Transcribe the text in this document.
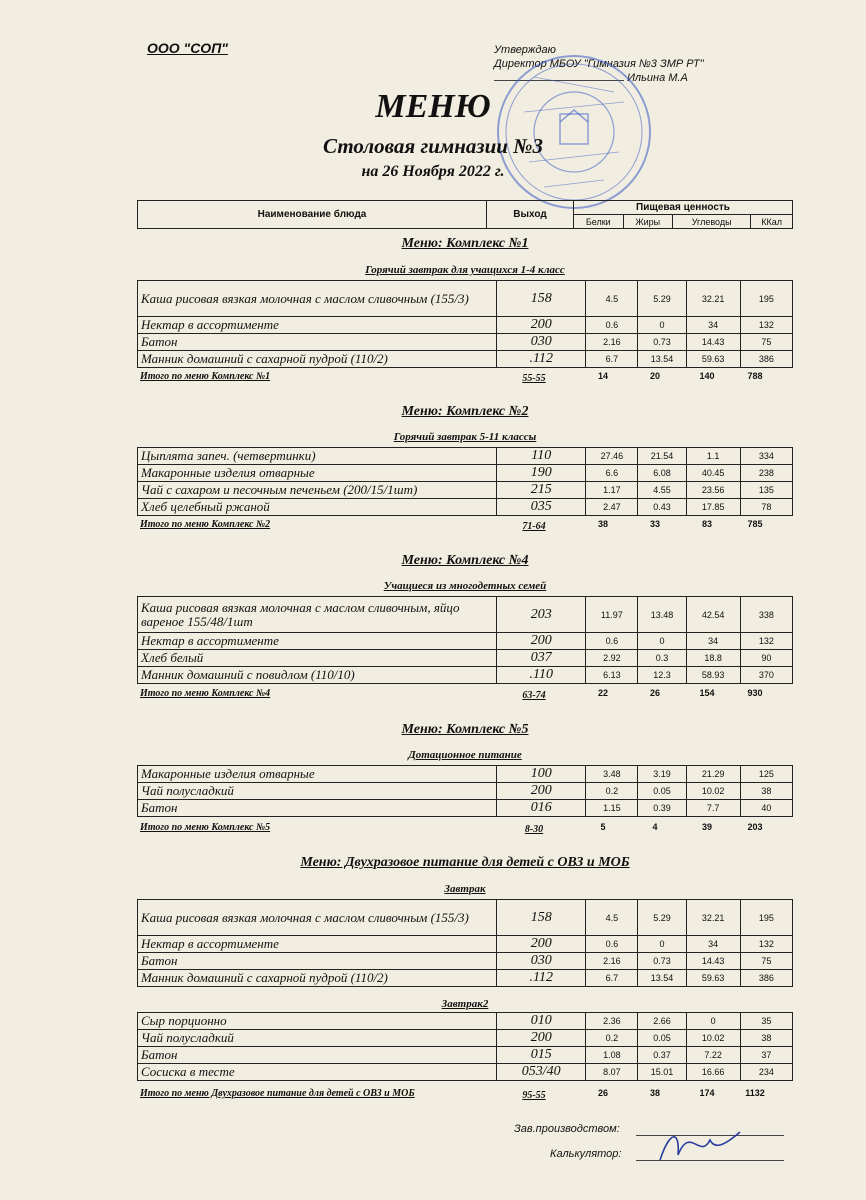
ООО "СОП"	Утверждаю
Директор МБОУ "Гимназия №3 ЗМР РТ"
Ильина М.А
МЕНЮ
Столовая гимназии №3
на 26 Ноября 2022 г.
Наименование блюда	Выход	Пищевая ценность			
		Белки	Жиры	Углеводы	ККал
Меню: Комплекс №1
Горячий завтрак для учащихся 1-4 класс
Каша рисовая вязкая молочная с маслом сливочным (155/3)	158	4.5	5.29	32.21	195
Нектар в ассортименте	200	0.6	0	34	132
Батон	030	2.16	0.73	14.43	75
Манник домашний с сахарной пудрой (110/2)	.112	6.7	13.54	59.63	386
Итого по меню Комплекс №1	55-55	14	20	140	788
Меню: Комплекс №2
Горячий завтрак 5-11 классы
Цыплята запеч. (четвертинки)	110	27.46	21.54	1.1	334
Макаронные изделия отварные	190	6.6	6.08	40.45	238
Чай с сахаром и песочным печеньем (200/15/1шт)	215	1.17	4.55	23.56	135
Хлеб целебный ржаной	035	2.47	0.43	17.85	78
Итого по меню Комплекс №2	71-64	38	33	83	785
Меню: Комплекс №4
Учащиеся из многодетных семей
Каша рисовая вязкая молочная с маслом сливочным, яйцо вареное 155/48/1шт	203	11.97	13.48	42.54	338
Нектар в ассортименте	200	0.6	0	34	132
Хлеб белый	037	2.92	0.3	18.8	90
Манник домашний с повидлом (110/10)	.110	6.13	12.3	58.93	370
Итого по меню Комплекс №4	63-74	22	26	154	930
Меню: Комплекс №5
Дотационное питание
Макаронные изделия отварные	100	3.48	3.19	21.29	125
Чай полусладкий	200	0.2	0.05	10.02	38
Батон	016	1.15	0.39	7.7	40
Итого по меню Комплекс №5	8-30	5	4	39	203
Меню: Двухразовое питание для детей с ОВЗ и МОБ
Завтрак
Каша рисовая вязкая молочная с маслом сливочным (155/3)	158	4.5	5.29	32.21	195
Нектар в ассортименте	200	0.6	0	34	132
Батон	030	2.16	0.73	14.43	75
Манник домашний с сахарной пудрой (110/2)	.112	6.7	13.54	59.63	386
Завтрак2
Сыр порционно	010	2.36	2.66	0	35
Чай полусладкий	200	0.2	0.05	10.02	38
Батон	015	1.08	0.37	7.22	37
Сосиска в тесте	053/40	8.07	15.01	16.66	234
Итого по меню Двухразовое питание для детей с ОВЗ и МОБ	95-55	26	38	174	1132
Зав.производством:
Калькулятор:
